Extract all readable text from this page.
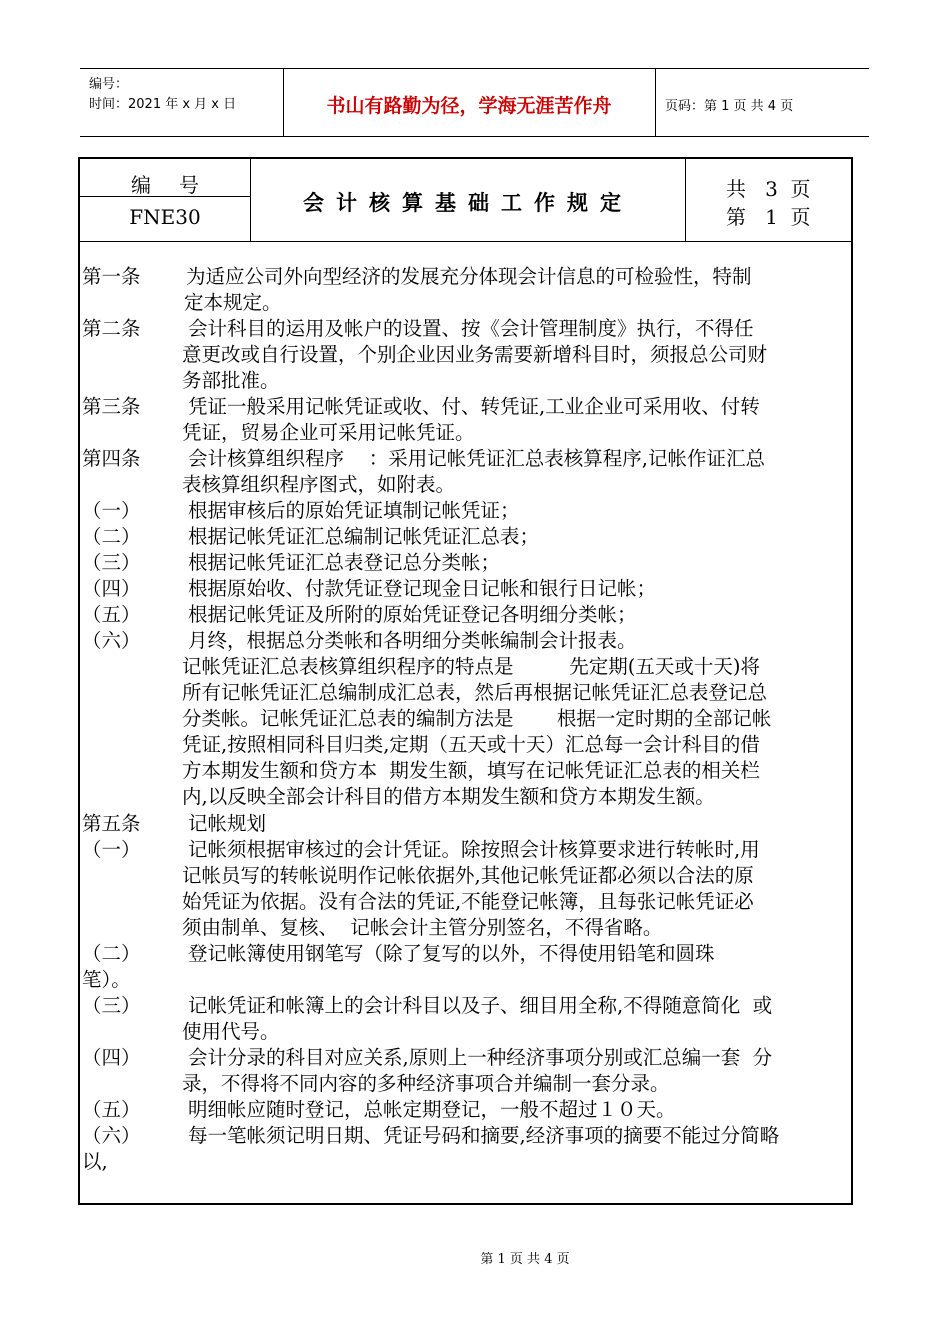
编号：
时间：2021 年 x 月 x 日	书山有路勤为径，学海无涯苦作舟	页码：第 1 页 共 4 页
编号
FNE30
会计核算基础工作规定
共   3  页
第   1  页
第一条 为适应公司外向型经济的发展充分体现会计信息的可检验性，特制
定本规定。
第二条 会计科目的运用及帐户的设置、按《会计管理制度》执行，不得任
意更改或自行设置，个别企业因业务需要新增科目时，须报总公司财
务部批准。
第三条 凭证一般采用记帐凭证或收、付、转凭证,工业企业可采用收、付转
凭证，贸易企业可采用记帐凭证。
第四条 会计核算组织程序    ：采用记帐凭证汇总表核算程序,记帐作证汇总
表核算组织程序图式，如附表。
（一） 根据审核后的原始凭证填制记帐凭证；
（二） 根据记帐凭证汇总编制记帐凭证汇总表；
（三） 根据记帐凭证汇总表登记总分类帐；
（四） 根据原始收、付款凭证登记现金日记帐和银行日记帐；
（五） 根据记帐凭证及所附的原始凭证登记各明细分类帐；
（六） 月终，根据总分类帐和各明细分类帐编制会计报表。
记帐凭证汇总表核算组织程序的特点是         先定期(五天或十天)将
所有记帐凭证汇总编制成汇总表，然后再根据记帐凭证汇总表登记总
分类帐。记帐凭证汇总表的编制方法是       根据一定时期的全部记帐
凭证,按照相同科目归类,定期（五天或十天）汇总每一会计科目的借
方本期发生额和贷方本  期发生额，填写在记帐凭证汇总表的相关栏
内,以反映全部会计科目的借方本期发生额和贷方本期发生额。
第五条 记帐规划
（一） 记帐须根据审核过的会计凭证。除按照会计核算要求进行转帐时,用
记帐员写的转帐说明作记帐依据外,其他记帐凭证都必须以合法的原
始凭证为依据。没有合法的凭证,不能登记帐簿，且每张记帐凭证必
须由制单、复核、  记帐会计主管分别签名，不得省略。
（二） 登记帐簿使用钢笔写（除了复写的以外，不得使用铅笔和圆珠
笔）。
（三） 记帐凭证和帐簿上的会计科目以及子、细目用全称,不得随意简化  或
使用代号。
（四） 会计分录的科目对应关系,原则上一种经济事项分别或汇总编一套  分
录，不得将不同内容的多种经济事项合并编制一套分录。
（五） 明细帐应随时登记，总帐定期登记，一般不超过１０天。
（六） 每一笔帐须记明日期、凭证号码和摘要,经济事项的摘要不能过分简略
以,
第 1 页 共 4 页
